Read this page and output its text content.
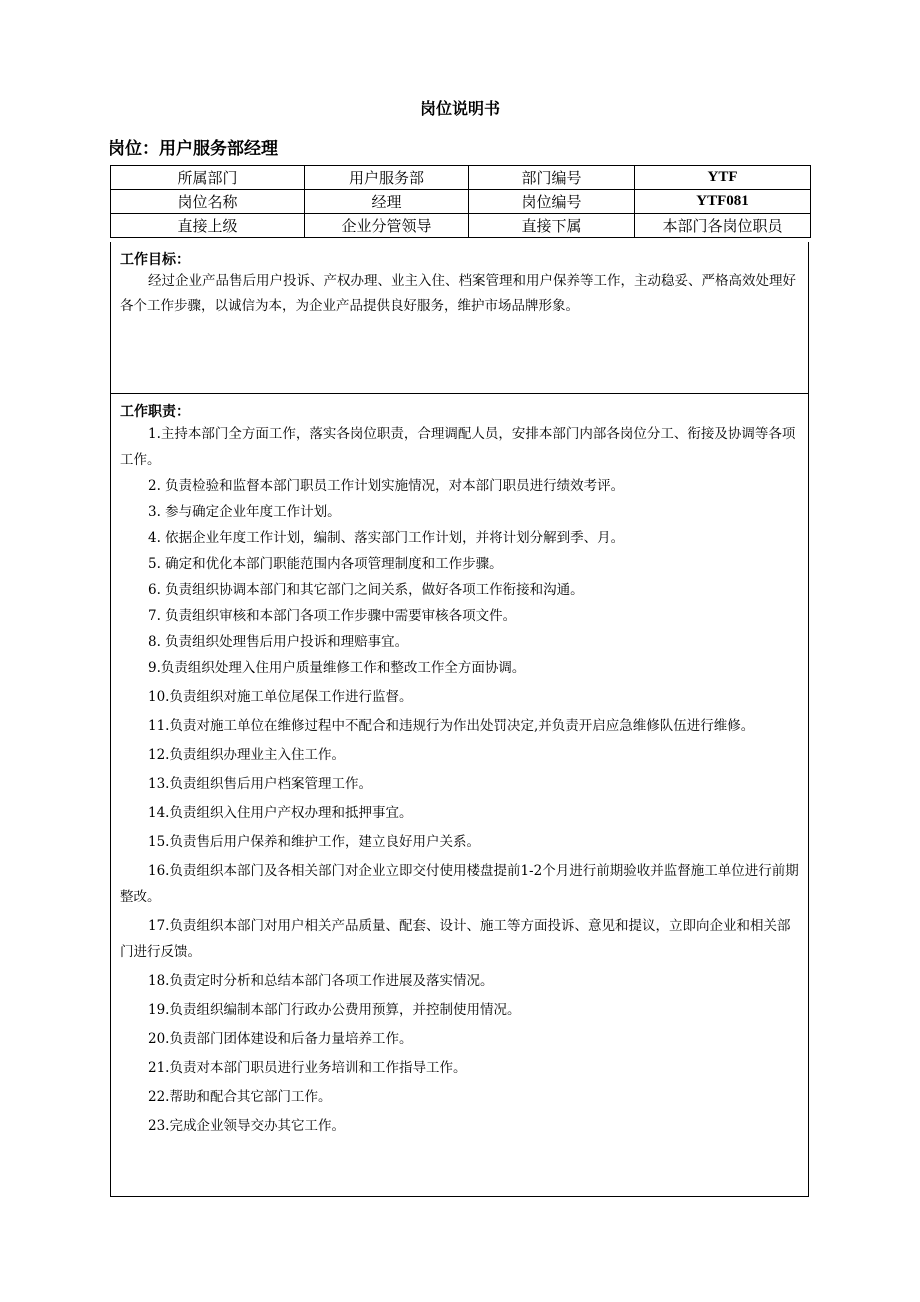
岗位说明书
岗位：用户服务部经理
所属部门	用户服务部	部门编号	YTF
岗位名称	经理	岗位编号	YTF081
直接上级	企业分管领导	直接下属	本部门各岗位职员
工作目标：
经过企业产品售后用户投诉、产权办理、业主入住、档案管理和用户保养等工作，主动稳妥、严格高效处理好各个工作步骤，以诚信为本，为企业产品提供良好服务，维护市场品牌形象。
工作职责：
1.主持本部门全方面工作，落实各岗位职责，合理调配人员，安排本部门内部各岗位分工、衔接及协调等各项工作。
2. 负责检验和监督本部门职员工作计划实施情况，对本部门职员进行绩效考评。
3. 参与确定企业年度工作计划。
4. 依据企业年度工作计划，编制、落实部门工作计划，并将计划分解到季、月。
5. 确定和优化本部门职能范围内各项管理制度和工作步骤。
6. 负责组织协调本部门和其它部门之间关系，做好各项工作衔接和沟通。
7. 负责组织审核和本部门各项工作步骤中需要审核各项文件。
8. 负责组织处理售后用户投诉和理赔事宜。
9.负责组织处理入住用户质量维修工作和整改工作全方面协调。
10.负责组织对施工单位尾保工作进行监督。
11.负责对施工单位在维修过程中不配合和违规行为作出处罚决定,并负责开启应急维修队伍进行维修。
12.负责组织办理业主入住工作。
13.负责组织售后用户档案管理工作。
14.负责组织入住用户产权办理和抵押事宜。
15.负责售后用户保养和维护工作，建立良好用户关系。
16.负责组织本部门及各相关部门对企业立即交付使用楼盘提前1-2个月进行前期验收并监督施工单位进行前期整改。
17.负责组织本部门对用户相关产品质量、配套、设计、施工等方面投诉、意见和提议，立即向企业和相关部门进行反馈。
18.负责定时分析和总结本部门各项工作进展及落实情况。
19.负责组织编制本部门行政办公费用预算，并控制使用情况。
20.负责部门团体建设和后备力量培养工作。
21.负责对本部门职员进行业务培训和工作指导工作。
22.帮助和配合其它部门工作。
23.完成企业领导交办其它工作。
